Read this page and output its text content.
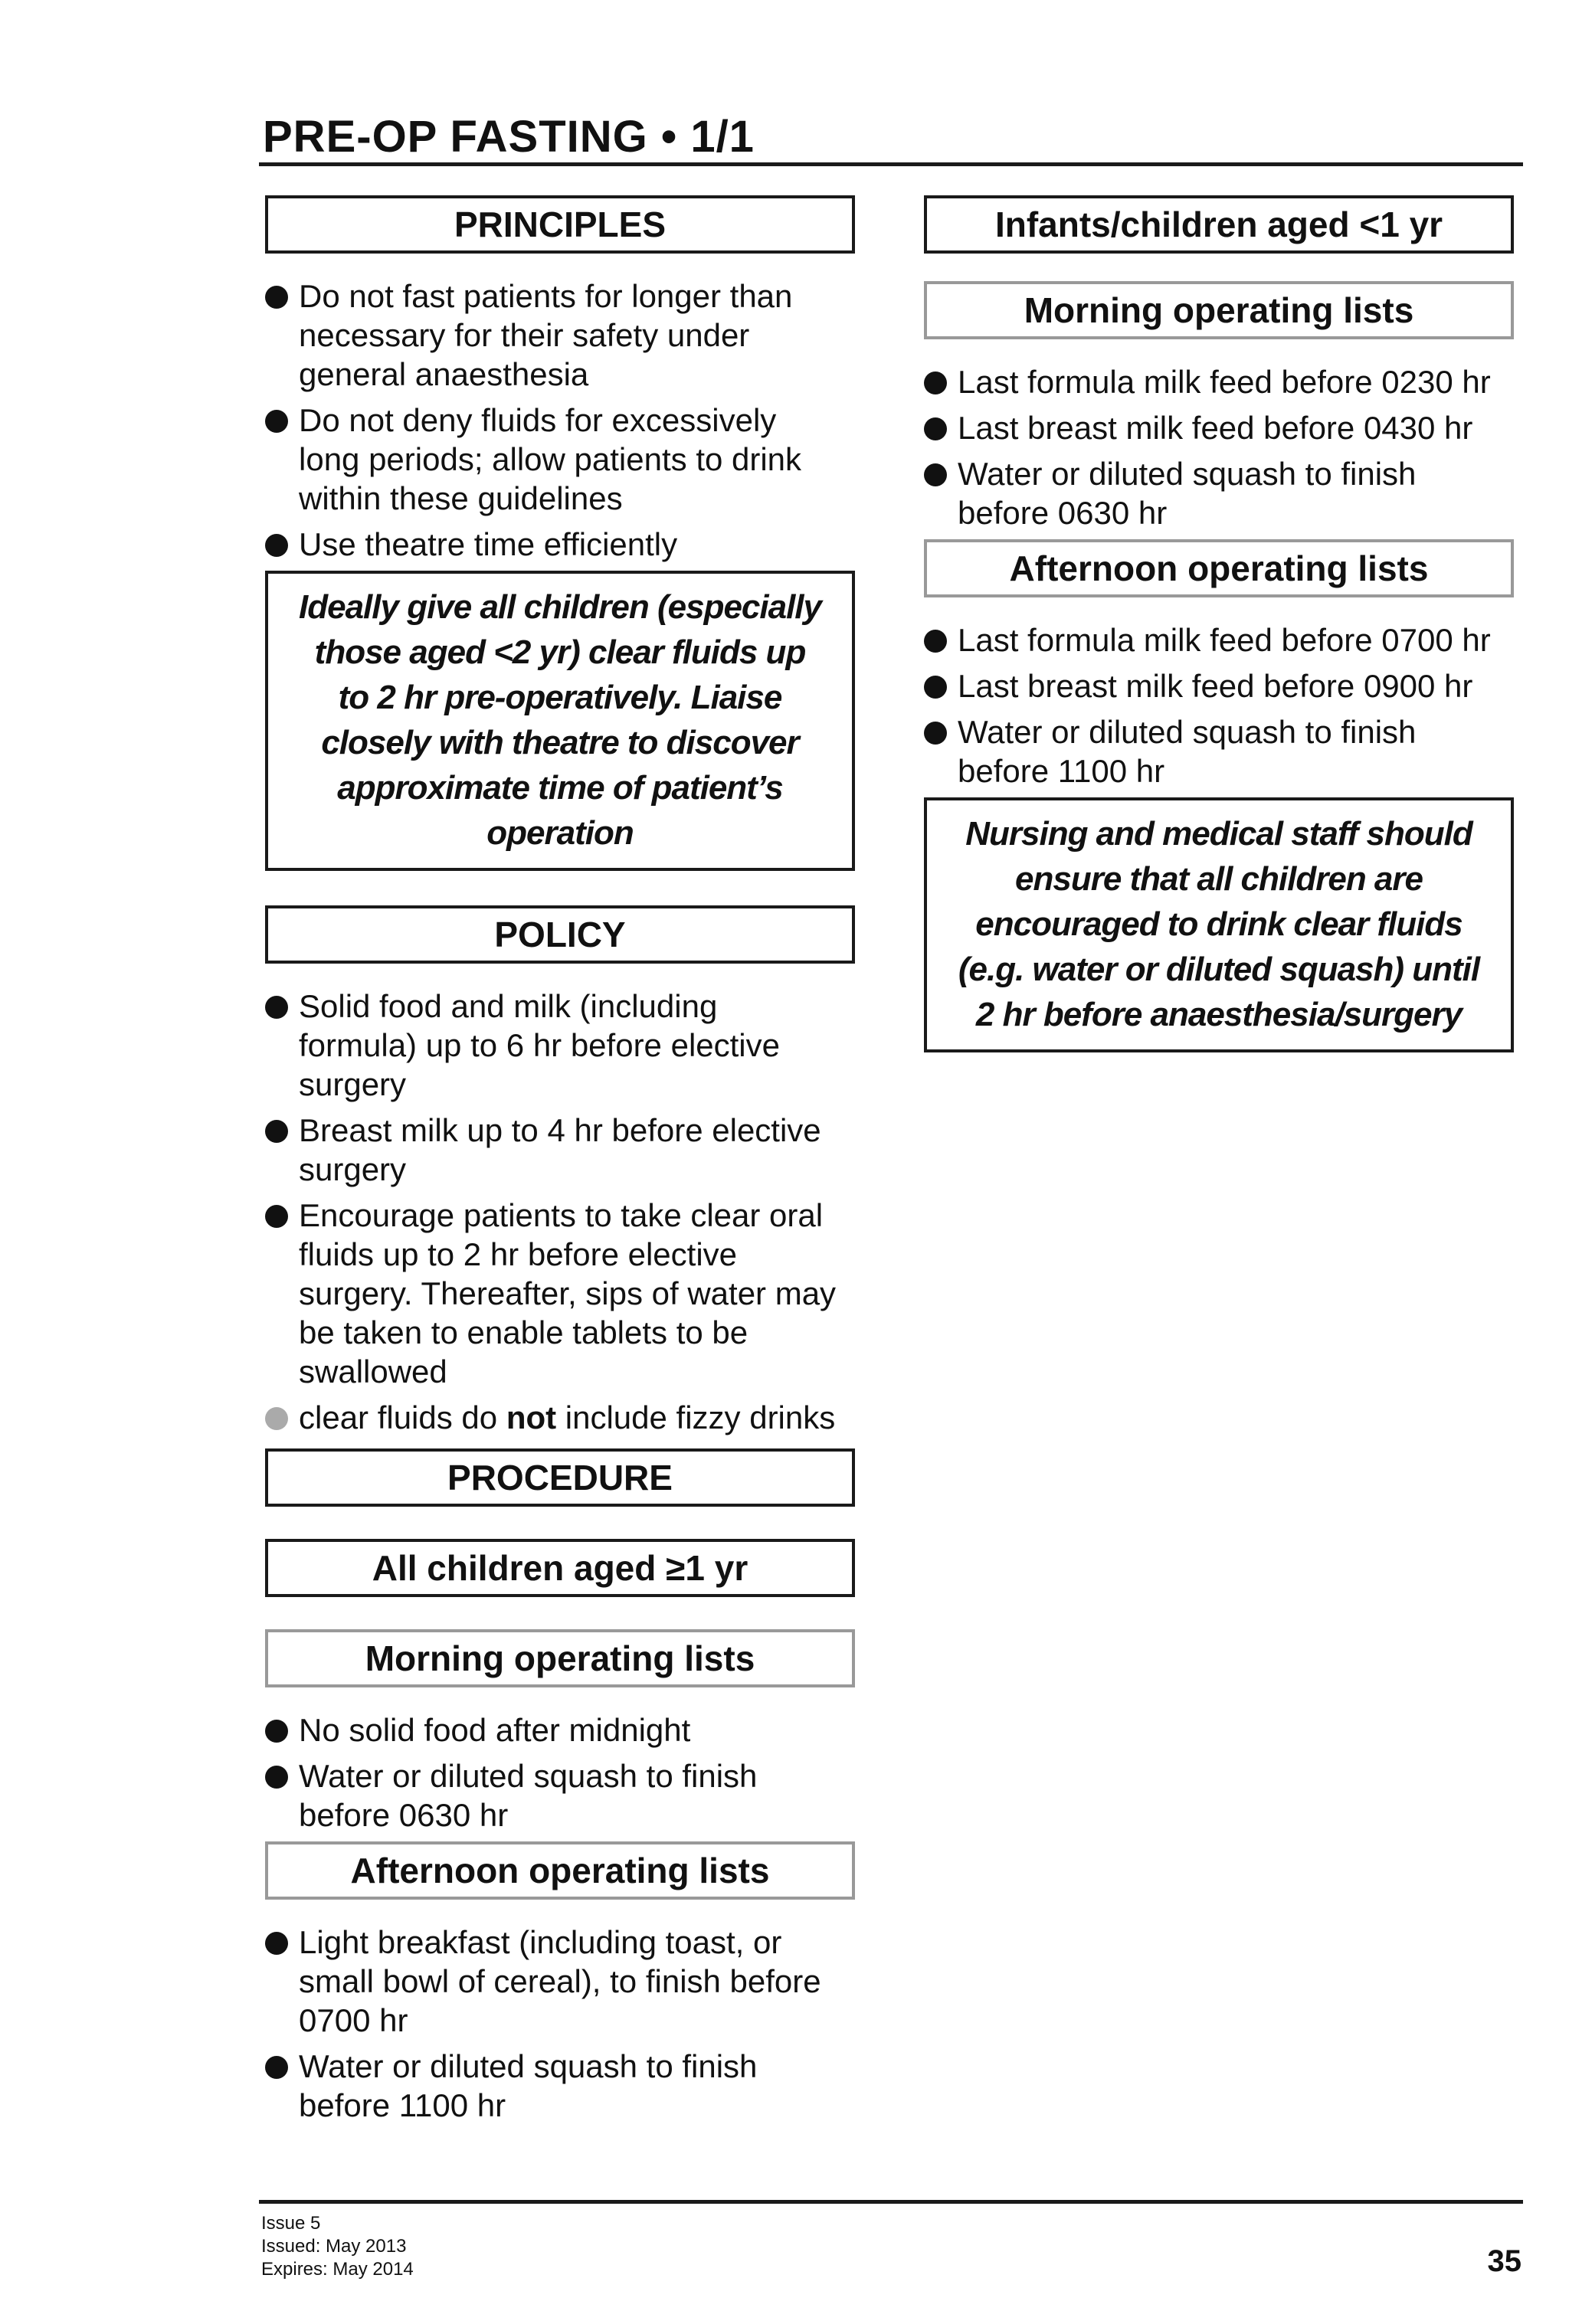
PRE-OP FASTING • 1/1
PRINCIPLES
Do not fast patients for longer than
necessary for their safety under
general anaesthesia
Do not deny fluids for excessively
long periods; allow patients to drink
within these guidelines
Use theatre time efficiently
Ideally give all children (especially
those aged <2 yr) clear fluids up
to 2 hr pre-operatively. Liaise
closely with theatre to discover
approximate time of patient’s
operation
POLICY
Solid food and milk (including
formula) up to 6 hr before elective
surgery
Breast milk up to 4 hr before elective
surgery
Encourage patients to take clear oral
fluids up to 2 hr before elective
surgery. Thereafter, sips of water may
be taken to enable tablets to be
swallowed
clear fluids do not include fizzy drinks
PROCEDURE
All children aged ≥1 yr
Morning operating lists
No solid food after midnight
Water or diluted squash to finish
before 0630 hr
Afternoon operating lists
Light breakfast (including toast, or
small bowl of cereal), to finish before
0700 hr
Water or diluted squash to finish
before 1100 hr
Infants/children aged <1 yr
Morning operating lists
Last formula milk feed before 0230 hr
Last breast milk feed before 0430 hr
Water or diluted squash to finish
before 0630 hr
Afternoon operating lists
Last formula milk feed before 0700 hr
Last breast milk feed before 0900 hr
Water or diluted squash to finish
before 1100 hr
Nursing and medical staff should
ensure that all children are
encouraged to drink clear fluids
(e.g. water or diluted squash) until
2 hr before anaesthesia/surgery
Issue 5
Issued: May 2013
Expires: May 2014	35
